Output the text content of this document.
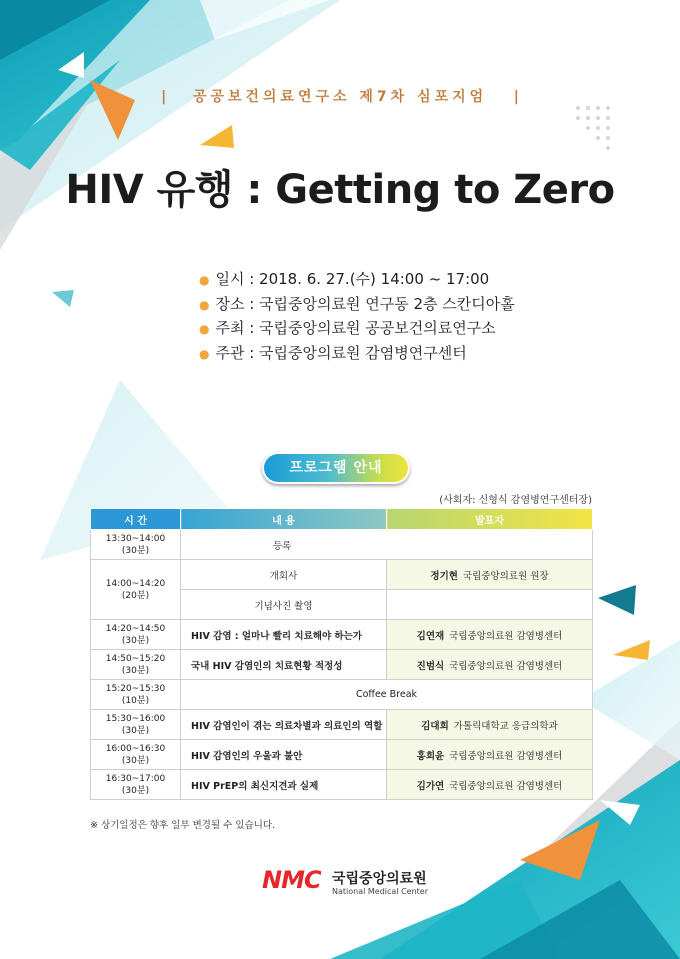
| 공공보건의료연구소 제7차 심포지엄 |
HIV 유행 : Getting to Zero
● 일시 : 2018. 6. 27.(수) 14:00 ~ 17:00
● 장소 : 국립중앙의료원 연구동 2층 스칸디아홀
● 주최 : 국립중앙의료원 공공보건의료연구소
● 주관 : 국립중앙의료원 감염병연구센터
프로그램 안내
(사회자: 신형식 감염병연구센터장)
시 간	내 용	발표자

13:30~14:00
(30분)	등록	

14:00~14:20
(20분)	개회사	정기현 국립중앙의료원 원장
	기념사진 촬영	

14:20~14:50
(30분)	HIV 감염 : 얼마나 빨리 치료해야 하는가	김연재 국립중앙의료원 감염병센터

14:50~15:20
(30분)	국내 HIV 감염인의 치료현황 적정성	진범식 국립중앙의료원 감염병센터

15:20~15:30
(10분)	Coffee Break	

15:30~16:00
(30분)	HIV 감염인이 겪는 의료차별과 의료인의 역할	김대희 가톨릭대학교 응급의학과

16:00~16:30
(30분)	HIV 감염인의 우울과 불안	홍희윤 국립중앙의료원 감염병센터

16:30~17:00
(30분)	HIV PrEP의 최신지견과 실제	김가연 국립중앙의료원 감염병센터
※ 상기일정은 향후 일부 변경될 수 있습니다.
NMC 국립중앙의료원
National Medical Center
